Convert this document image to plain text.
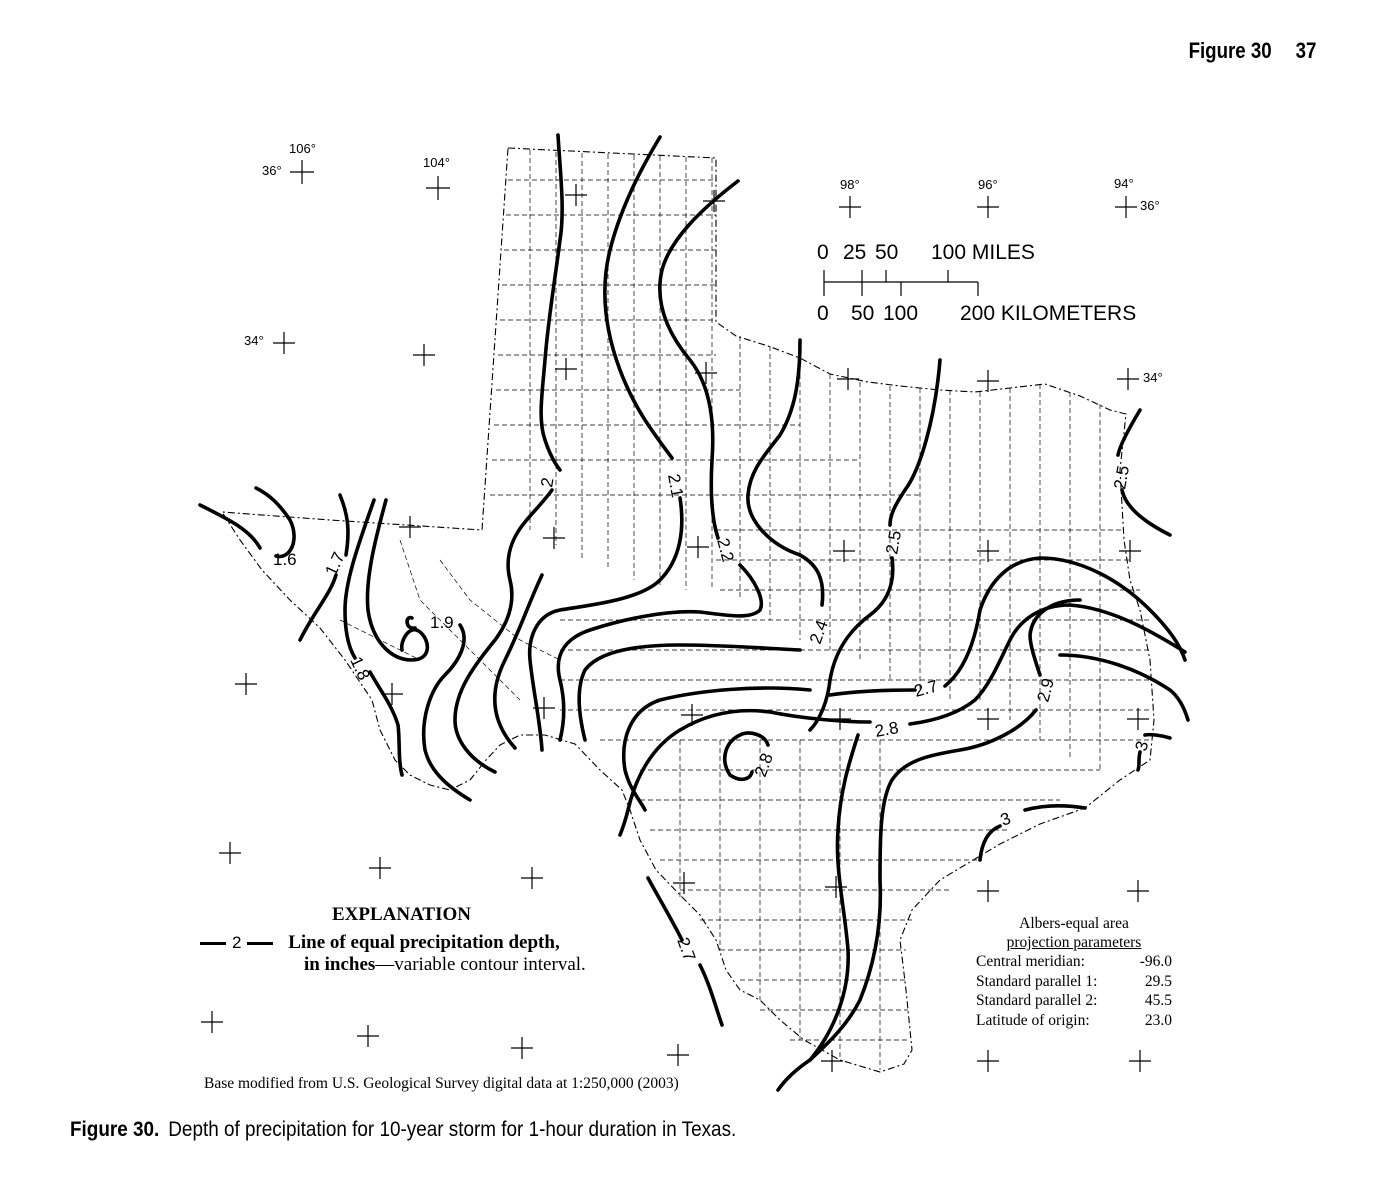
Figure 30 37
106°
36°
104°
98°	96°	94°
36°
34°
34°
0 25 50 100 MILES
0 50 100 200 KILOMETERS
1.6 1.7
1.8
1.9
2	2.1
2.2
2.4
2.5
2.5
2.7
2.7
2.8
2.8
2.9
3
3
EXPLANATION
2 Line of equal precipitation depth,
in inches—variable contour interval.
Albers-equal area
projection parameters
Central meridian:	-96.0
Standard parallel 1:	29.5
Standard parallel 2:	45.5
Latitude of origin:	23.0
Base modified from U.S. Geological Survey digital data at 1:250,000 (2003)
Figure 30. Depth of precipitation for 10-year storm for 1-hour duration in Texas.
